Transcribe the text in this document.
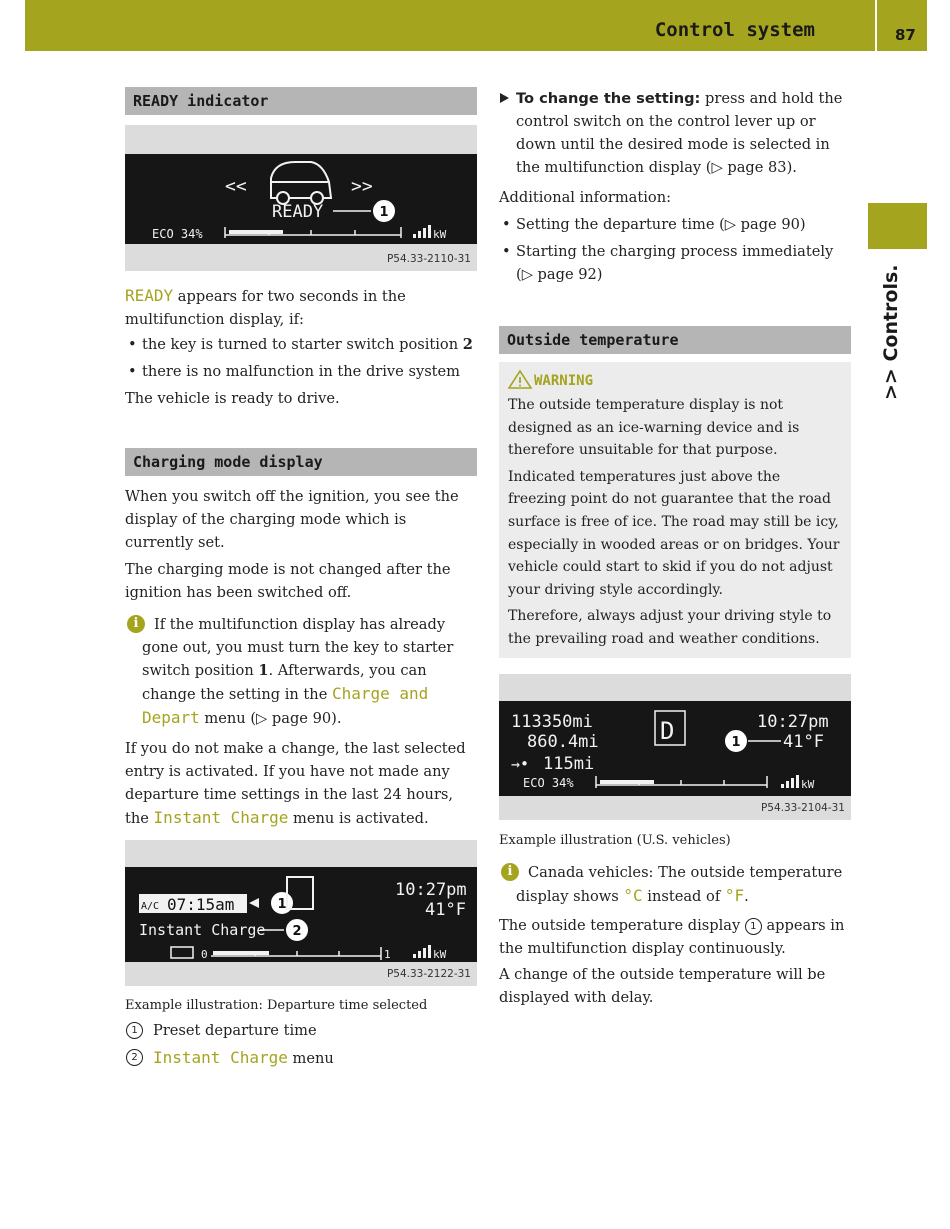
Control system	87
>> Controls.
READY indicator
<<	>>
READY	1
ECO 34%	kW
P54.33-2110-31

READY appears for two seconds in the multifunction display, if:

• the key is turned to starter switch position 2

• there is no malfunction in the drive system

The vehicle is ready to drive.

Charging mode display

When you switch off the ignition, you see the display of the charging mode which is currently set.

The charging mode is not changed after the ignition has been switched off.

i	If the multifunction display has already gone out, you must turn the key to starter switch position 1. Afterwards, you can change the setting in the Charge and Depart menu (▷ page 90).

If you do not make a change, the last selected entry is activated. If you have not made any departure time settings in the last 24 hours, the Instant Charge menu is activated.

A/C 07:15am	1
10:27pm
41°F
Instant Charge 2
0	1	kW
P54.33-2122-31

Example illustration: Departure time selected

1	Preset departure time
2 Instant Charge menu

To change the setting: press and hold the control switch on the control lever up or down until the desired mode is selected in the multifunction display (▷ page 83).

Additional information:

• Setting the departure time (▷ page 90)

• Starting the charging process immediately (▷ page 92)

Outside temperature
WARNING

The outside temperature display is not designed as an ice-warning device and is therefore unsuitable for that purpose.

Indicated temperatures just above the freezing point do not guarantee that the road surface is free of ice. The road may still be icy, especially in wooded areas or on bridges. Your vehicle could start to skid if you do not adjust your driving style accordingly.

Therefore, always adjust your driving style to the prevailing road and weather conditions.

113350mi
860.4mi
→• 115mi
D	10:27pm
1 41°F
ECO 34%	kW
P54.33-2104-31

Example illustration (U.S. vehicles)

i	Canada vehicles: The outside temperature display shows °C instead of °F.

The outside temperature display 1 appears in the multifunction display continuously.

A change of the outside temperature will be displayed with delay.
